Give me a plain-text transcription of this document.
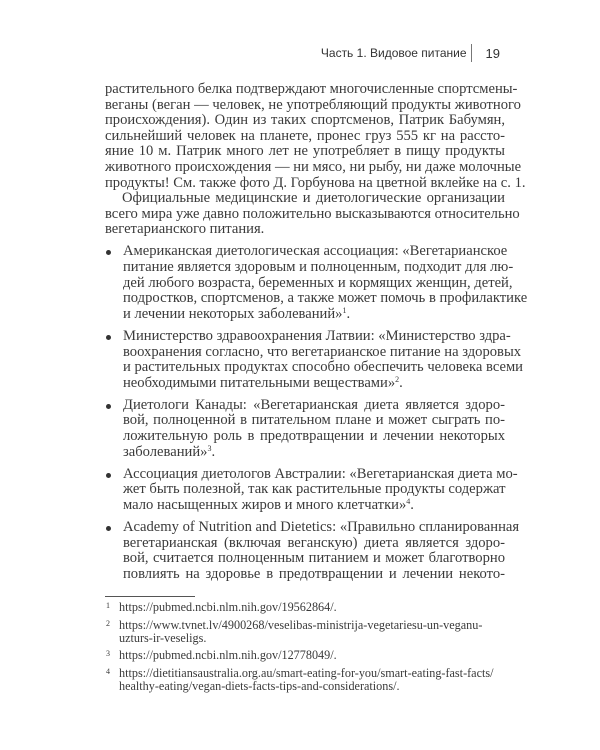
Часть 1. Видовое питание 19
растительного белка подтверждают многочисленные спортсмены-
веганы (веган — человек, не употребляющий продукты животного
происхождения). Один из таких спортсменов, Патрик Бабумян,
сильнейший человек на планете, пронес груз 555 кг на рассто-
яние 10 м. Патрик много лет не употребляет в пищу продукты
животного происхождения — ни мясо, ни рыбу, ни даже молочные
продукты! См. также фото Д. Горбунова на цветной вклейке на с. 1.
Официальные медицинские и диетологические организации
всего мира уже давно положительно высказываются относительно
вегетарианского питания.
Американская диетологическая ассоциация: «Вегетарианское
питание является здоровым и полноценным, подходит для лю-
дей любого возраста, беременных и кормящих женщин, детей,
подростков, спортсменов, а также может помочь в профилактике
и лечении некоторых заболеваний»$^1$.
Министерство здравоохранения Латвии: «Министерство здра-
воохранения согласно, что вегетарианское питание на здоровых
и растительных продуктах способно обеспечить человека всеми
необходимыми питательными веществами»$^2$.
Диетологи Канады: «Вегетарианская диета является здоро-
вой, полноценной в питательном плане и может сыграть по-
ложительную роль в предотвращении и лечении некоторых
заболеваний»$^3$.
Ассоциация диетологов Австралии: «Вегетарианская диета мо-
жет быть полезной, так как растительные продукты содержат
мало насыщенных жиров и много клетчатки»$^4$.
Academy of Nutrition and Dietetics: «Правильно спланированная
вегетарианская (включая веганскую) диета является здоро-
вой, считается полноценным питанием и может благотворно
повлиять на здоровье в предотвращении и лечении некото-
1 https://pubmed.ncbi.nlm.nih.gov/19562864/.
2 https://www.tvnet.lv/4900268/veselibas-ministrija-vegetariesu-un-veganu-
uzturs-ir-veseligs.
3 https://pubmed.ncbi.nlm.nih.gov/12778049/.
4 https://dietitiansaustralia.org.au/smart-eating-for-you/smart-eating-fast-facts/
healthy-eating/vegan-diets-facts-tips-and-considerations/.
